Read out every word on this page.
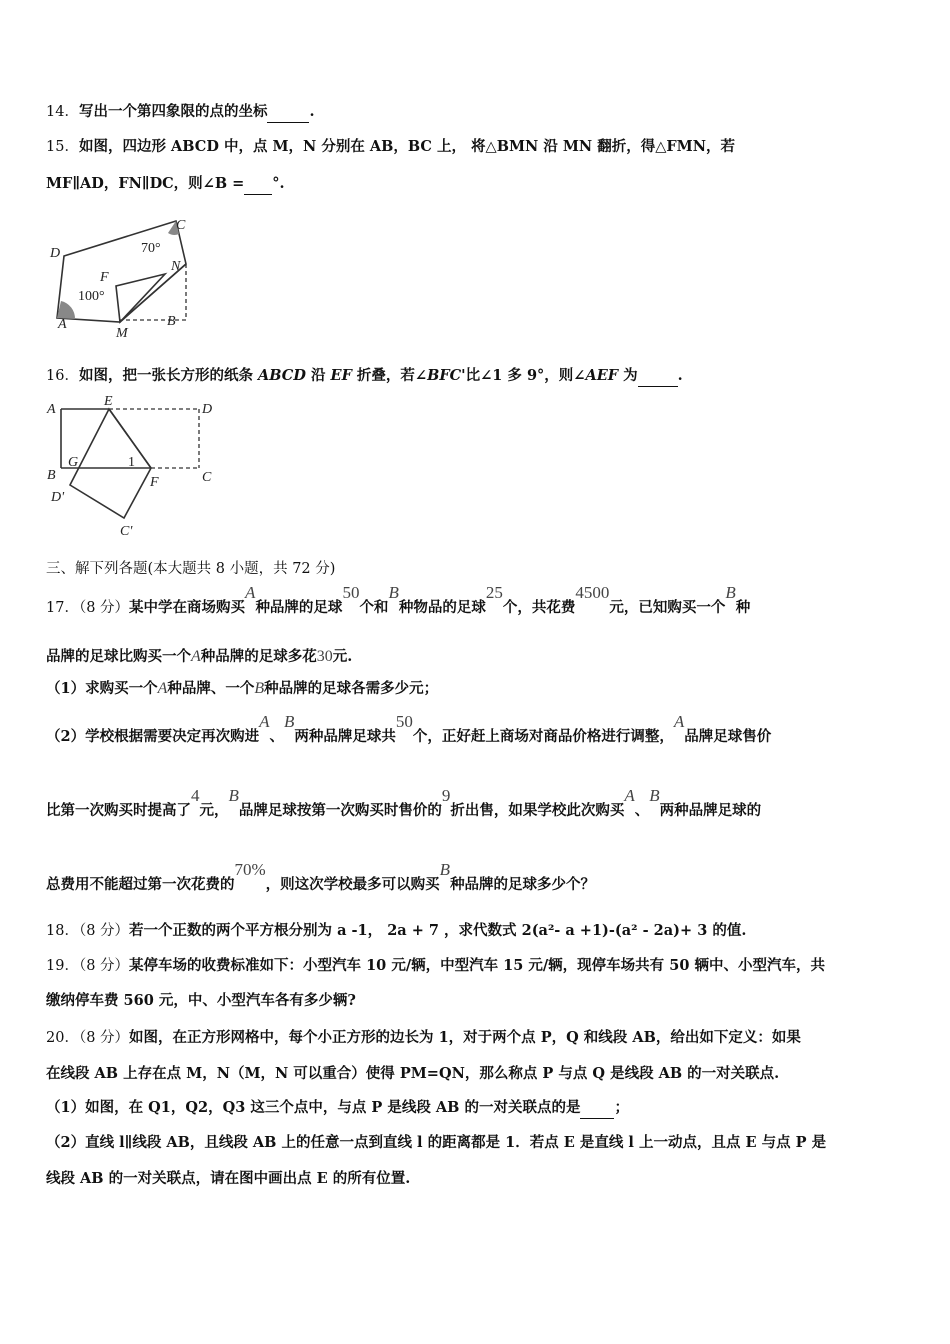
14．写出一个第四象限的点的坐标	.
15．如图，四边形 ABCD 中，点 M，N 分别在 AB，BC 上， 将△BMN 沿 MN 翻折，得△FMN，若
MF∥AD，FN∥DC，则∠B = °.
D
C
70°
N
F
100°
A
M
B
16．如图，把一张长方形的纸条 ABCD 沿 EF 折叠，若∠BFC'比∠1 多 9°，则∠AEF 为	.
A
E
D
B
G	1
C
D'
F
C'
三、解下列各题(本大题共 8 小题，共 72 分)
17．（8 分）某中学在商场购买A种品牌的足球50个和B种物品的足球25个，共花费4500元，已知购买一个B种
品牌的足球比购买一个A种品牌的足球多花30元.
（1）求购买一个A种品牌、一个B种品牌的足球各需多少元；
（2）学校根据需要决定再次购进A、B两种品牌足球共50个，正好赶上商场对商品价格进行调整，A品牌足球售价
比第一次购买时提高了4元，B品牌足球按第一次购买时售价的9折出售，如果学校此次购买A、B两种品牌足球的
总费用不能超过第一次花费的70%，则这次学校最多可以购买B种品牌的足球多少个？
18．（8 分）若一个正数的两个平方根分别为 a -1， 2a + 7 ，求代数式 2(a²- a +1)-(a² - 2a)+ 3 的值.
19．（8 分）某停车场的收费标准如下：小型汽车 10 元/辆，中型汽车 15 元/辆，现停车场共有 50 辆中、小型汽车，共
缴纳停车费 560 元，中、小型汽车各有多少辆?
20．（8 分）如图，在正方形网格中，每个小正方形的边长为 1，对于两个点 P，Q 和线段 AB，给出如下定义：如果
在线段 AB 上存在点 M，N（M，N 可以重合）使得 PM=QN，那么称点 P 与点 Q 是线段 AB 的一对关联点.
（1）如图，在 Q1，Q2，Q3 这三个点中，与点 P 是线段 AB 的一对关联点的是 ；
（2）直线 l∥线段 AB，且线段 AB 上的任意一点到直线 l 的距离都是 1．若点 E 是直线 l 上一动点，且点 E 与点 P 是
线段 AB 的一对关联点，请在图中画出点 E 的所有位置.
